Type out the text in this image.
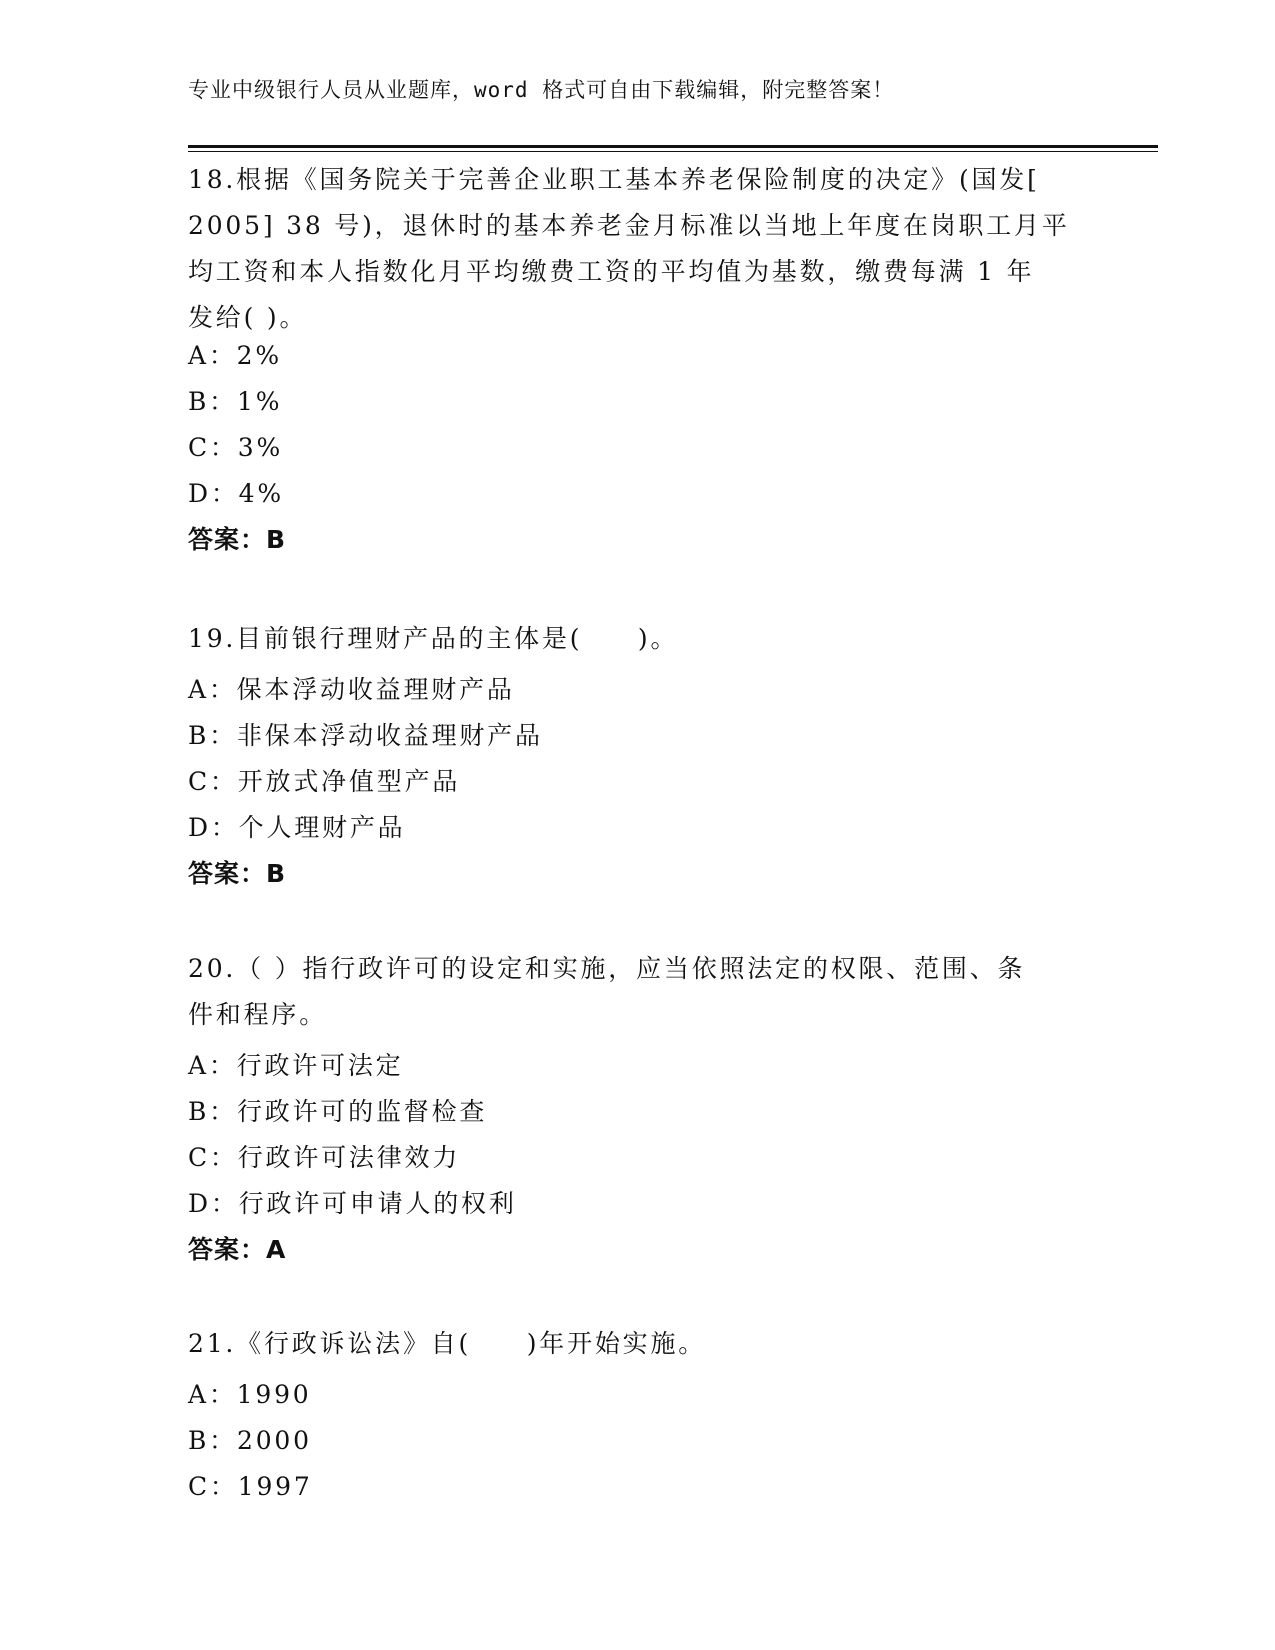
专业中级银行人员从业题库，word 格式可自由下载编辑，附完整答案！
18.根据《国务院关于完善企业职工基本养老保险制度的决定》(国发[
2005] 38 号)，退休时的基本养老金月标准以当地上年度在岗职工月平
均工资和本人指数化月平均缴费工资的平均值为基数，缴费每满 1 年
发给( )。
A：2%
B：1%
C：3%
D：4%
答案：B
19.目前银行理财产品的主体是(　　)。
A：保本浮动收益理财产品
B：非保本浮动收益理财产品
C：开放式净值型产品
D：个人理财产品
答案：B
20.（ ）指行政许可的设定和实施，应当依照法定的权限、范围、条
件和程序。
A：行政许可法定
B：行政许可的监督检查
C：行政许可法律效力
D：行政许可申请人的权利
答案：A
21.《行政诉讼法》自(　　)年开始实施。
A：1990
B：2000
C：1997
